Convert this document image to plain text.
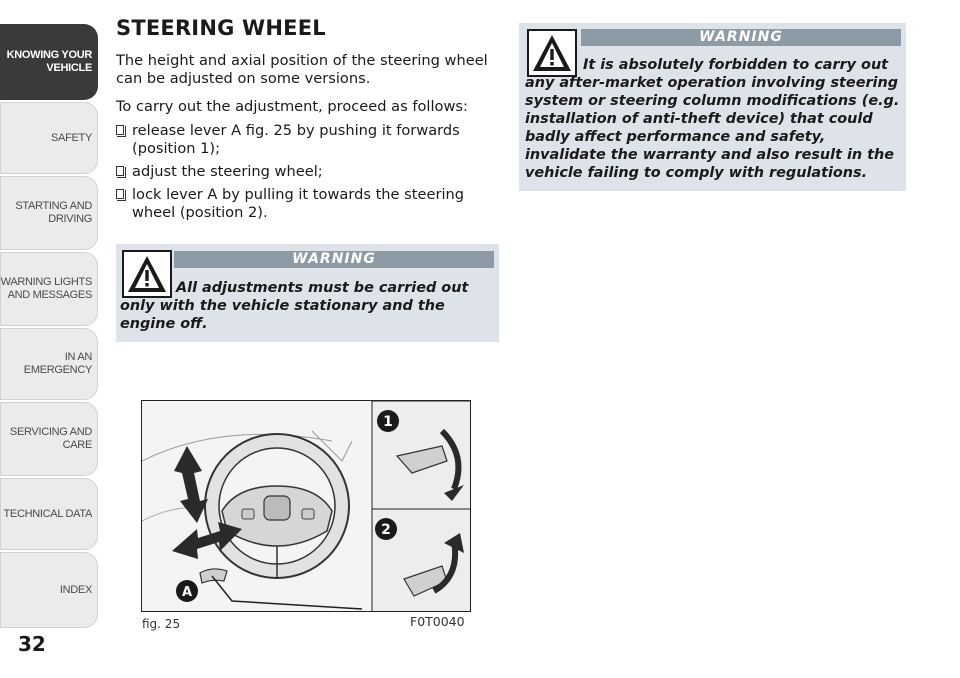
KNOWING YOUR
VEHICLE
SAFETY
STARTING AND
DRIVING
WARNING LIGHTS
AND MESSAGES
IN AN EMERGENCY
SERVICING AND
CARE
TECHNICAL DATA
INDEX
32
STEERING WHEEL

The height and axial position of the steering wheel can be adjusted on some versions.

To carry out the adjustment, proceed as follows:

release lever A fig. 25 by pushing it forwards (position 1);
adjust the steering wheel;
lock lever A by pulling it towards the steering wheel (position 2).
WARNING
All adjustments must be carried out only with the vehicle stationary and the engine off.
WARNING
It is absolutely forbidden to carry out any after-market operation involving steering system or steering column modifications (e.g. installation of anti-theft device) that could badly affect performance and safety, invalidate the warranty and also result in the vehicle failing to comply with regulations.
1
2
A
fig. 25	F0T0040
